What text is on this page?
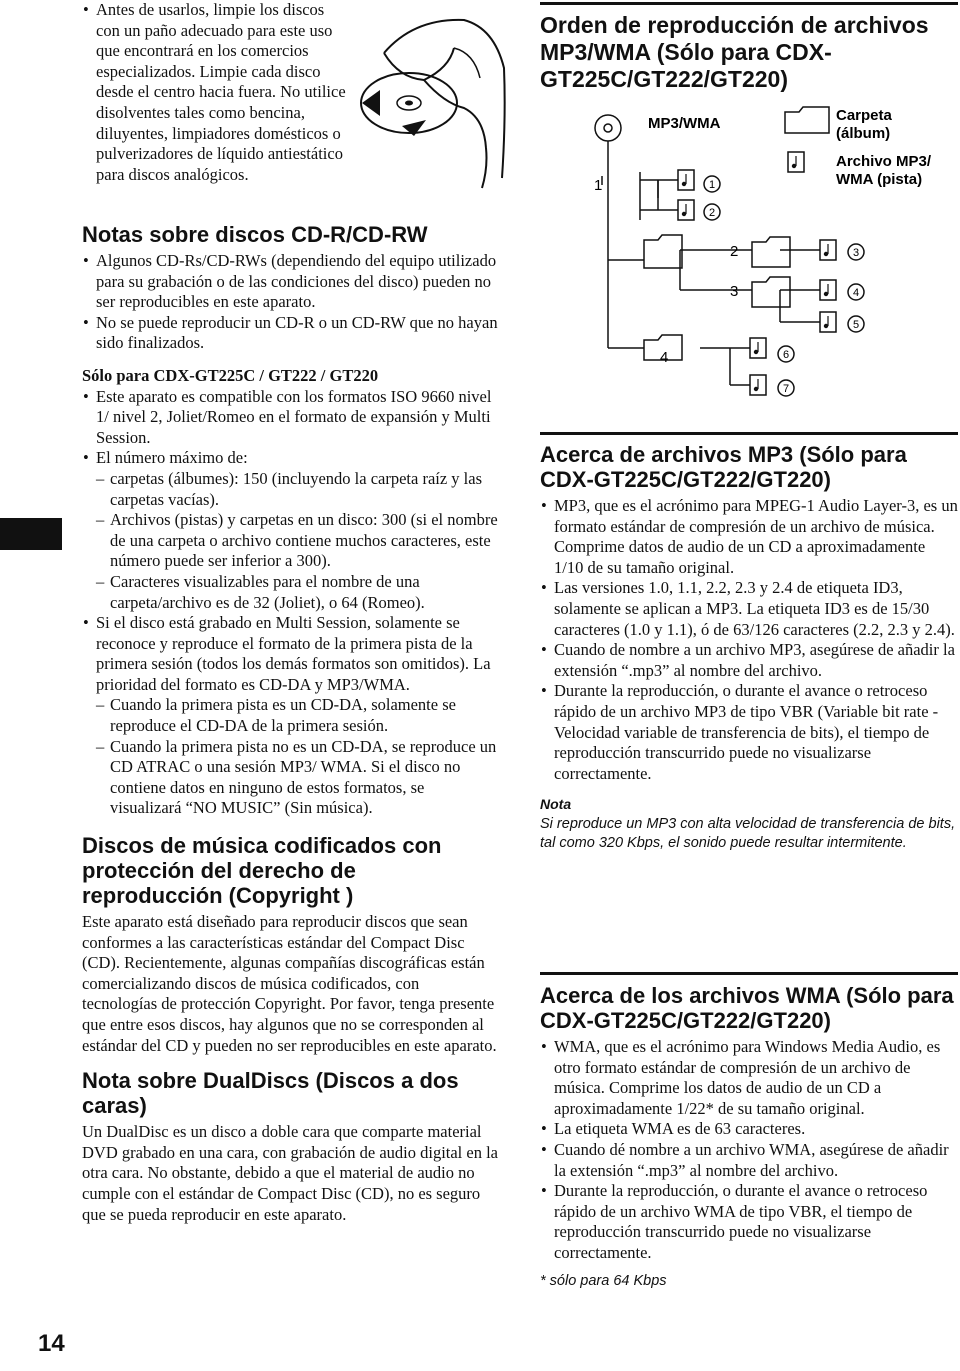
14
• Antes de usarlos, limpie los discos con un paño adecuado para este uso que encontrará en los comercios especializados. Limpie cada disco desde el centro hacia fuera. No utilice disolventes tales como bencina, diluyentes, limpiadores domésticos o pulverizadores de líquido antiestático para discos analógicos.
Notas sobre discos CD-R/CD-RW
• Algunos CD-Rs/CD-RWs (dependiendo del equipo utilizado para su grabación o de las condiciones del disco) pueden no ser reproducibles en este aparato.
• No se puede reproducir un CD-R o un CD-RW que no hayan sido finalizados.

Sólo para CDX-GT225C / GT222 / GT220

• Este aparato es compatible con los formatos ISO 9660 nivel 1/ nivel 2, Joliet/Romeo en el formato de expansión y Multi Session.
• El número máximo de:
– carpetas (álbumes): 150 (incluyendo la carpeta raíz y las carpetas vacías).
– Archivos (pistas) y carpetas en un disco: 300 (si el nombre de una carpeta o archivo contiene muchos caracteres, este número puede ser inferior a 300).
– Caracteres visualizables para el nombre de una carpeta/archivo es de 32 (Joliet), o 64 (Romeo).
• Si el disco está grabado en Multi Session, solamente se reconoce y reproduce el formato de la primera pista de la primera sesión (todos los demás formatos son omitidos). La prioridad del formato es CD-DA y MP3/WMA.
– Cuando la primera pista es un CD-DA, solamente se reproduce el CD-DA de la primera sesión.
– Cuando la primera pista no es un CD-DA, se reproduce un CD ATRAC o una sesión MP3/ WMA. Si el disco no contiene datos en ninguno de estos formatos, se visualizará “NO MUSIC” (Sin música).
Discos de música codificados con protección del derecho de reproducción (Copyright )

Este aparato está diseñado para reproducir discos que sean conformes a las características estándar del Compact Disc (CD). Recientemente, algunas compañías discográficas están comercializando discos de música codificados, con tecnologías de protección Copyright. Por favor, tenga presente que entre esos discos, hay algunos que no se corresponden al estándar del CD y pueden no ser reproducibles en este aparato.

Nota sobre DualDiscs (Discos a dos caras)

Un DualDisc es un disco a doble cara que comparte material DVD grabado en una cara, con grabación de audio digital en la otra cara. No obstante, debido a que el material de audio no cumple con el estándar de Compact Disc (CD), no es seguro que se pueda reproducir en este aparato.

Orden de reproducción de archivos MP3/WMA (Sólo para CDX-GT225C/GT222/GT220)
MP3/WMA	Carpeta
(álbum)
Archivo MP3/
WMA (pista)
1
2
3
4
1
2
3
4
5
6
7
Acerca de archivos MP3 (Sólo para CDX-GT225C/GT222/GT220)
• MP3, que es el acrónimo para MPEG-1 Audio Layer-3, es un formato estándar de compresión de un archivo de música. Comprime datos de audio de un CD a aproximadamente 1/10 de su tamaño original.
• Las versiones 1.0, 1.1, 2.2, 2.3 y 2.4 de etiqueta ID3, solamente se aplican a MP3. La etiqueta ID3 es de 15/30 caracteres (1.0 y 1.1), ó de 63/126 caracteres (2.2, 2.3 y 2.4).
• Cuando de nombre a un archivo MP3, asegúrese de añadir la extensión “.mp3” al nombre del archivo.
• Durante la reproducción, o durante el avance o retroceso rápido de un archivo MP3 de tipo VBR (Variable bit rate - Velocidad variable de transferencia de bits), el tiempo de reproducción transcurrido puede no visualizarse correctamente.
Nota
Si reproduce un MP3 con alta velocidad de transferencia de bits, tal como 320 Kbps, el sonido puede resultar intermitente.
Acerca de los archivos WMA (Sólo para CDX-GT225C/GT222/GT220)
• WMA, que es el acrónimo para Windows Media Audio, es otro formato estándar de compresión de un archivo de música. Comprime los datos de audio de un CD a aproximadamente 1/22* de su tamaño original.
• La etiqueta WMA es de 63 caracteres.
• Cuando dé nombre a un archivo WMA, asegúrese de añadir la extensión “.mp3” al nombre del archivo.
• Durante la reproducción, o durante el avance o retroceso rápido de un archivo WMA de tipo VBR, el tiempo de reproducción transcurrido puede no visualizarse correctamente.
* sólo para 64 Kbps
